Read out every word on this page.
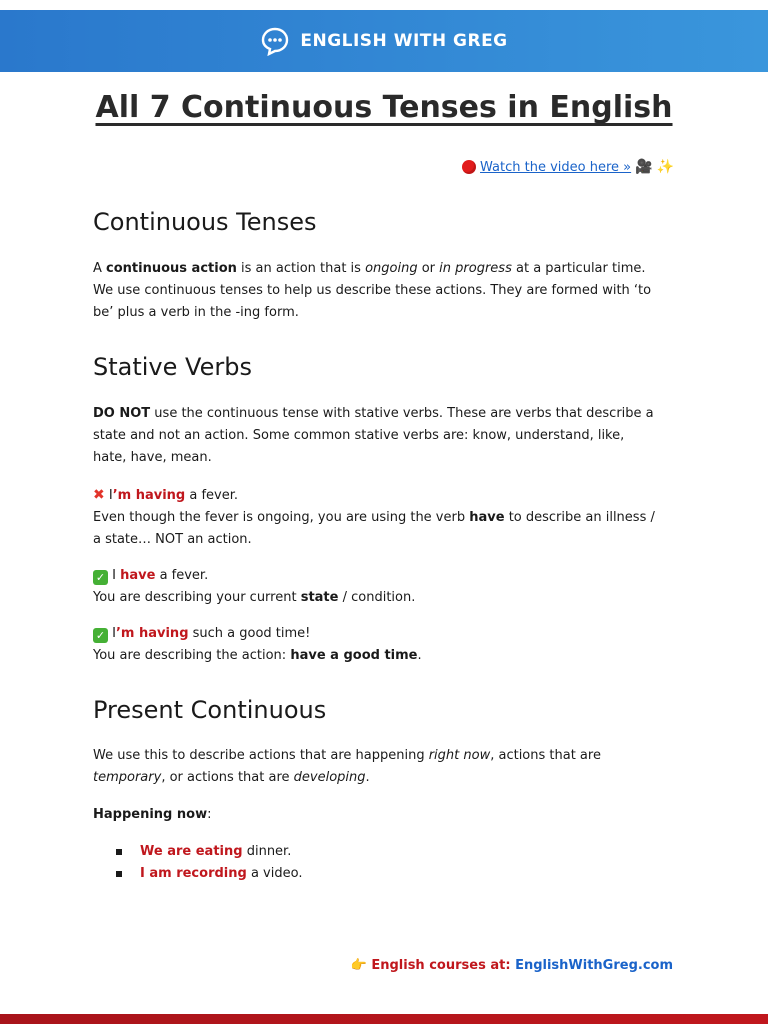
ENGLISH WITH GREG
All 7 Continuous Tenses in English
Watch the video here » 🎥 ✨
Continuous Tenses

A continuous action is an action that is ongoing or in progress at a particular time.
We use continuous tenses to help us describe these actions. They are formed with ‘to
be’ plus a verb in the -ing form.

Stative Verbs

DO NOT use the continuous tense with stative verbs. These are verbs that describe a
state and not an action. Some common stative verbs are: know, understand, like,
hate, have, mean.

✖ I’m having a fever.
Even though the fever is ongoing, you are using the verb have to describe an illness /
a state… NOT an action.

✓ I have a fever.
You are describing your current state / condition.

✓ I’m having such a good time!
You are describing the action: have a good time.

Present Continuous

We use this to describe actions that are happening right now, actions that are
temporary, or actions that are developing.

Happening now:

We are eating dinner.
I am recording a video.
👉 English courses at: EnglishWithGreg.com
